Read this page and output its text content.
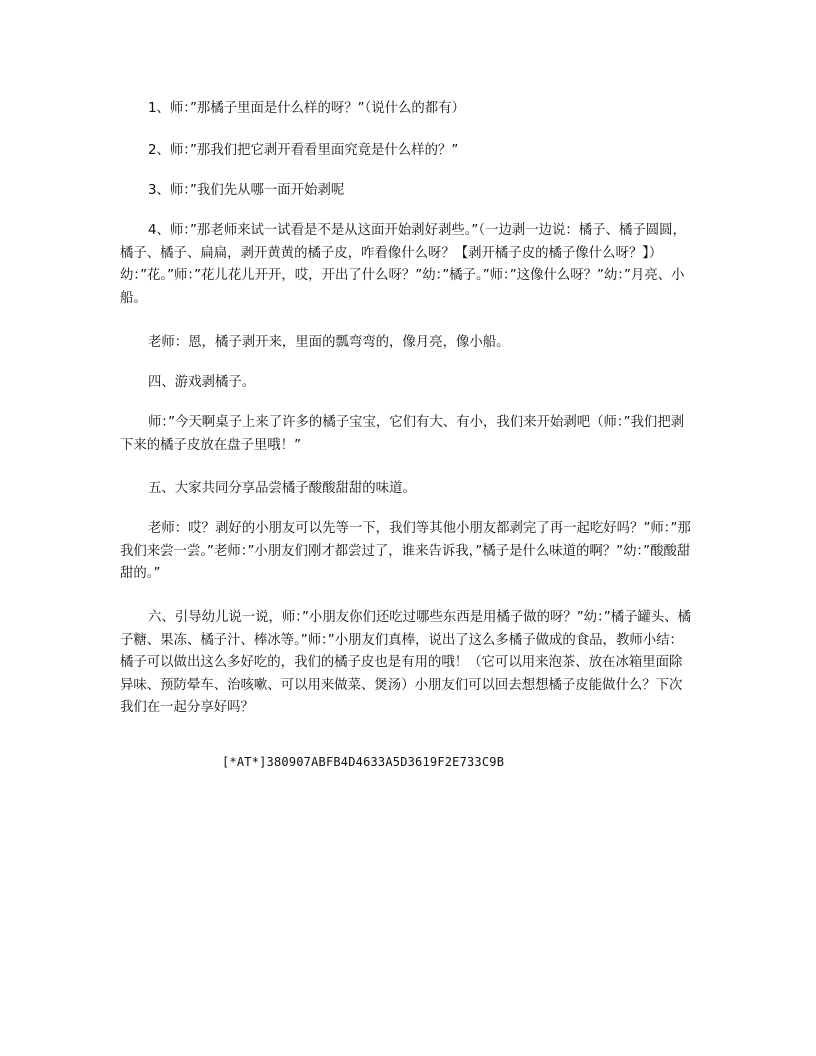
1、师：”那橘子里面是什么样的呀？”（说什么的都有）

2、师：”那我们把它剥开看看里面究竟是什么样的？”

3、师：”我们先从哪一面开始剥呢

4、师：”那老师来试一试看是不是从这面开始剥好剥些。”（一边剥一边说：橘子、橘子圆圆，橘子、橘子、扁扁，剥开黄黄的橘子皮，咋看像什么呀？【剥开橘子皮的橘子像什么呀？】）幼：”花。”师：”花儿花儿开开，哎，开出了什么呀？”幼：”橘子。”师：”这像什么呀？”幼：”月亮、小船。

老师：恩，橘子剥开来，里面的瓢弯弯的，像月亮，像小船。

四、游戏剥橘子。

师：”今天啊桌子上来了许多的橘子宝宝，它们有大、有小，我们来开始剥吧（师：”我们把剥下来的橘子皮放在盘子里哦！”

五、大家共同分享品尝橘子酸酸甜甜的味道。

老师：哎？剥好的小朋友可以先等一下，我们等其他小朋友都剥完了再一起吃好吗？”师：”那我们来尝一尝。”老师：”小朋友们刚才都尝过了，谁来告诉我，”橘子是什么味道的啊？”幼：”酸酸甜甜的。”

六、引导幼儿说一说，师：”小朋友你们还吃过哪些东西是用橘子做的呀？”幼：”橘子罐头、橘子糖、果冻、橘子汁、棒冰等。”师：”小朋友们真棒，说出了这么多橘子做成的食品，教师小结：橘子可以做出这么多好吃的，我们的橘子皮也是有用的哦！（它可以用来泡茶、放在冰箱里面除异味、预防晕车、治咳嗽、可以用来做菜、煲汤）小朋友们可以回去想想橘子皮能做什么？下次我们在一起分享好吗？

[*AT*]380907ABFB4D4633A5D3619F2E733C9B
